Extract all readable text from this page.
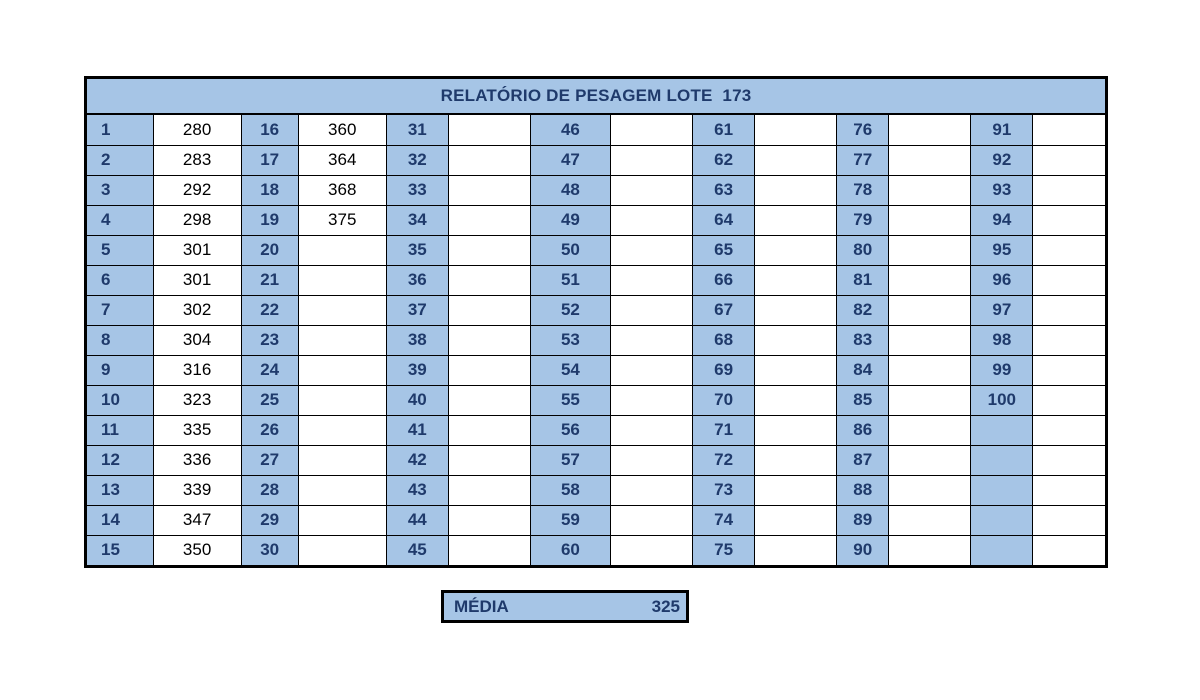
RELATÓRIO DE PESAGEM LOTE  173
1	280	16	360	31		46		61		76		91	
2	283	17	364	32		47		62		77		92	
3	292	18	368	33		48		63		78		93	
4	298	19	375	34		49		64		79		94	
5	301	20		35		50		65		80		95	
6	301	21		36		51		66		81		96	
7	302	22		37		52		67		82		97	
8	304	23		38		53		68		83		98	
9	316	24		39		54		69		84		99	
10	323	25		40		55		70		85		100	
11	335	26		41		56		71		86			
12	336	27		42		57		72		87			
13	339	28		43		58		73		88			
14	347	29		44		59		74		89			
15	350	30		45		60		75		90			
MÉDIA	325
